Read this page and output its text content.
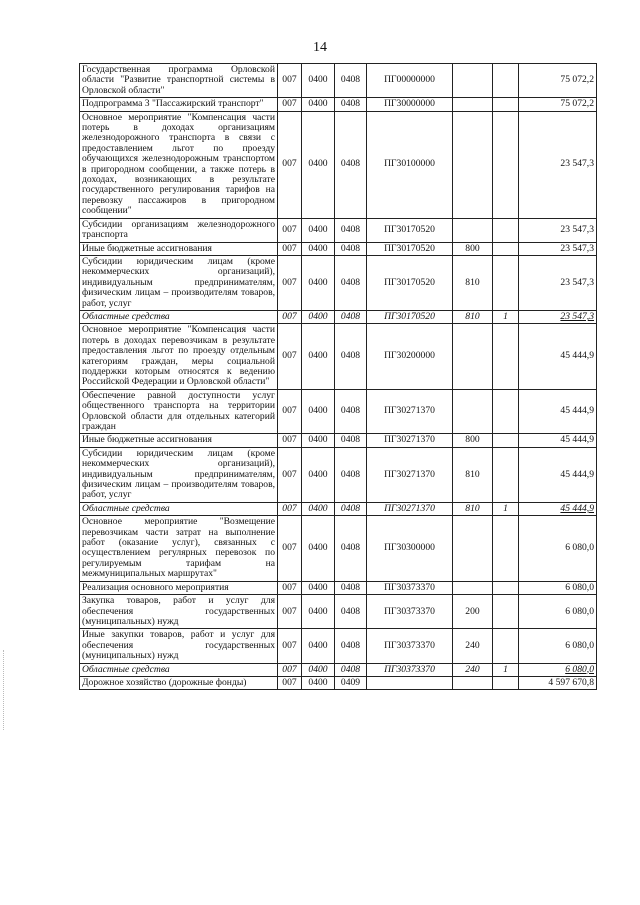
14
Государственная программа Орловской области "Развитие транспортной системы в Орловской области"	007	0400	0408	ПГ00000000			75 072,2
Подпрограмма 3 "Пассажирский транспорт"	007	0400	0408	ПГ30000000			75 072,2
Основное мероприятие "Компенсация части потерь в доходах организациям железнодорожного транспорта в связи с предоставлением льгот по проезду обучающихся железнодорожным транспортом в пригородном сообщении, а также потерь в доходах, возникающих в результате государственного регулирования тарифов на перевозку пассажиров в пригородном сообщении"	007	0400	0408	ПГ30100000			23 547,3
Субсидии организациям железнодорожного транспорта	007	0400	0408	ПГ30170520			23 547,3
Иные бюджетные ассигнования	007	0400	0408	ПГ30170520	800		23 547,3
Субсидии юридическим лицам (кроме некоммерческих организаций), индивидуальным предпринимателям, физическим лицам – производителям товаров, работ, услуг	007	0400	0408	ПГ30170520	810		23 547,3
Областные средства	007	0400	0408	ПГ30170520	810	1	23 547,3
Основное мероприятие "Компенсация части потерь в доходах перевозчикам в результате предоставления льгот по проезду отдельным категориям граждан, меры социальной поддержки которым относятся к ведению Российской Федерации и Орловской области"	007	0400	0408	ПГ30200000			45 444,9
Обеспечение равной доступности услуг общественного транспорта на территории Орловской области для отдельных категорий граждан	007	0400	0408	ПГ30271370			45 444,9
Иные бюджетные ассигнования	007	0400	0408	ПГ30271370	800		45 444,9
Субсидии юридическим лицам (кроме некоммерческих организаций), индивидуальным предпринимателям, физическим лицам – производителям товаров, работ, услуг	007	0400	0408	ПГ30271370	810		45 444,9
Областные средства	007	0400	0408	ПГ30271370	810	1	45 444,9
Основное мероприятие "Возмещение перевозчикам части затрат на выполнение работ (оказание услуг), связанных с осуществлением регулярных перевозок по регулируемым тарифам на межмуниципальных маршрутах"	007	0400	0408	ПГ30300000			6 080,0
Реализация основного мероприятия	007	0400	0408	ПГ30373370			6 080,0
Закупка товаров, работ и услуг для обеспечения государственных (муниципальных) нужд	007	0400	0408	ПГ30373370	200		6 080,0
Иные закупки товаров, работ и услуг для обеспечения государственных (муниципальных) нужд	007	0400	0408	ПГ30373370	240		6 080,0
Областные средства	007	0400	0408	ПГ30373370	240	1	6 080,0
Дорожное хозяйство (дорожные фонды)	007	0400	0409				4 597 670,8
